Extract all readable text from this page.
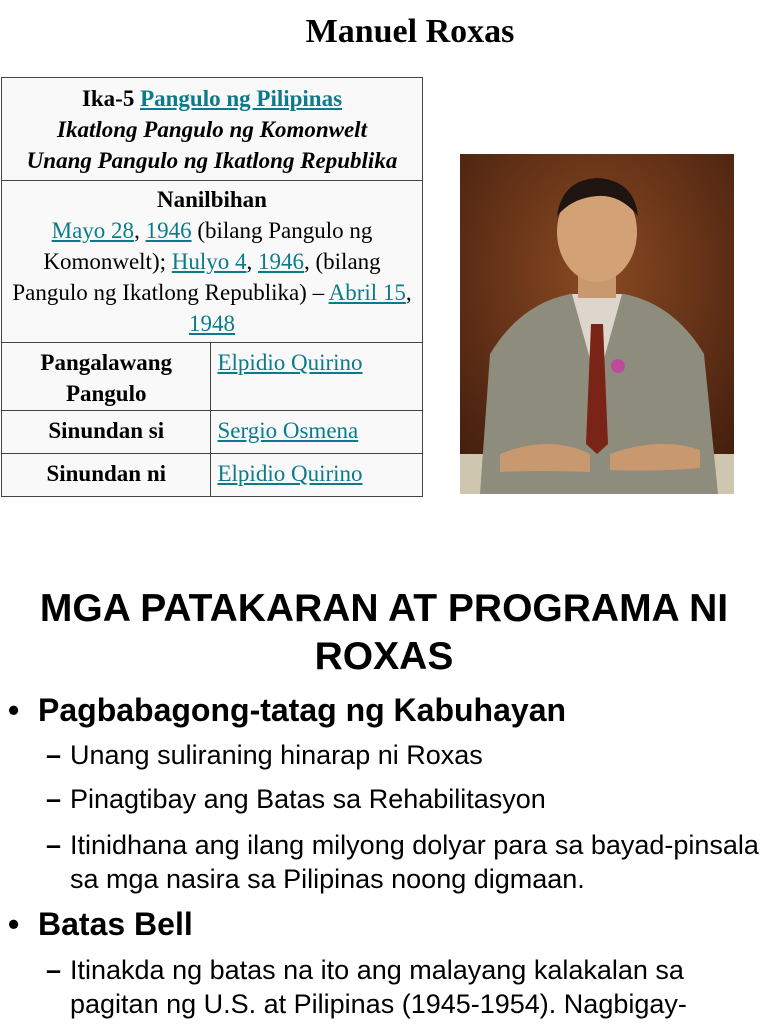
Manuel Roxas
Ika-5 Pangulo ng Pilipinas
Ikatlong Pangulo ng Komonwelt
Unang Pangulo ng Ikatlong Republika	
Nanilbihan
Mayo 28, 1946 (bilang Pangulo ng Komonwelt); Hulyo 4, 1946, (bilang Pangulo ng Ikatlong Republika) – Abril 15, 1948	
Pangalawang Pangulo	Elpidio Quirino
Sinundan si	Sergio Osmena
Sinundan ni	Elpidio Quirino
MGA PATAKARAN AT PROGRAMA NI ROXAS
• Pagbabagong-tatag ng Kabuhayan
– Unang suliraning hinarap ni Roxas
– Pinagtibay ang Batas sa Rehabilitasyon
– Itinidhana ang ilang milyong dolyar para sa bayad-pinsala sa mga nasira sa Pilipinas noong digmaan.
• Batas Bell
– Itinakda ng batas na ito ang malayang kalakalan sa pagitan ng U.S. at Pilipinas (1945-1954). Nagbigay-
